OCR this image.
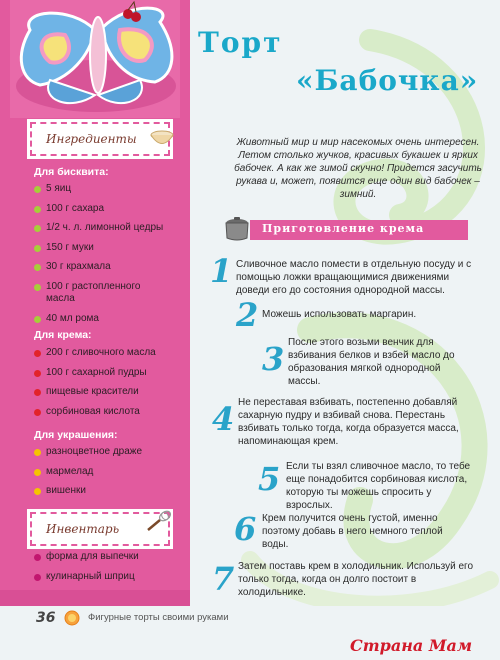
Ингредиенты
Для бисквита:
5 яиц
100 г сахара
1/2 ч. л. лимонной цедры
150 г муки
30 г крахмала
100 г растопленного масла
40 мл рома
Для крема:
200 г сливочного масла
100 г сахарной пудры
пищевые красители
сорбиновая кислота
Для украшения:
разноцветное драже
мармелад
вишенки
Инвентарь
форма для выпечки
кулинарный шприц
Торт
«Бабочка»

Животный мир и мир насекомых очень интересен. Летом столько жучков, красивых букашек и ярких бабочек. А как же зимой скучно! Придется засучить рукава и, может, появится еще один вид бабочек – зимний.

Приготовление крема
1 Сливочное масло помести в отдельную посуду и с помощью ложки вращающимися движениями доведи его до состояния однородной массы.
2 Можешь использовать маргарин.
3 После этого возьми венчик для взбивания белков и взбей масло до образования мягкой однородной массы.
4 Не переставая взбивать, постепенно добавляй сахарную пудру и взбивай снова. Перестань взбивать только тогда, когда образуется масса, напоминающая крем.
5 Если ты взял сливочное масло, то тебе еще понадобится сорбиновая кислота, которую ты можешь спросить у взрослых.
6 Крем получится очень густой, именно поэтому добавь в него немного теплой воды.
7 Затем поставь крем в холодильник. Используй его только тогда, когда он долго постоит в холодильнике.
36	Фигурные торты своими руками
Страна Мам
